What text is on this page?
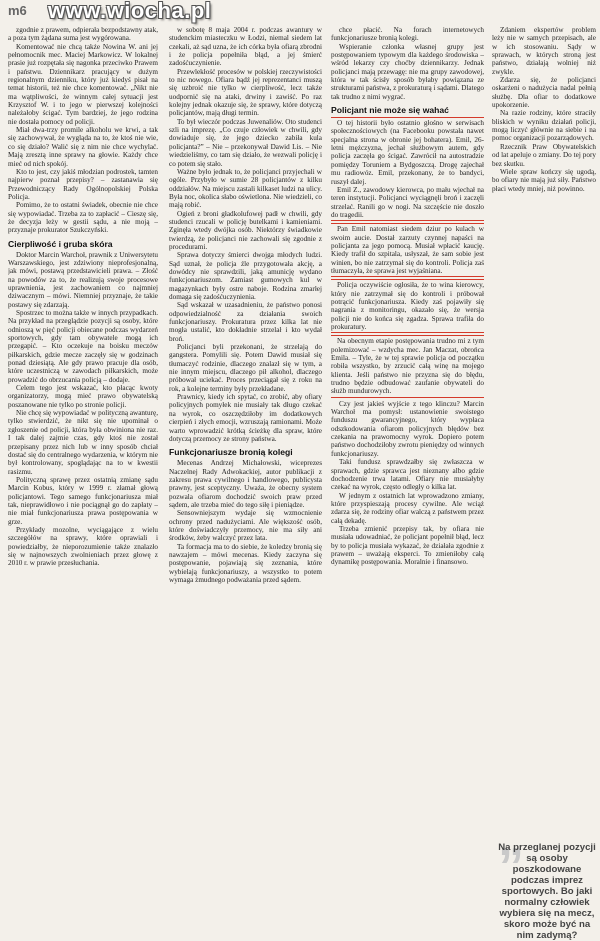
m6 www.wiocha.pl

zgodnie z prawem, odpierała bezpodstawny atak, a poza tym żądana suma jest wygórowana.

Komentować nie chcą także Nowina W. ani jej pełnomocnik mec. Maciej Markowicz. W lokalnej prasie już rozpętała się nagonka przeciwko Prawem i państwu. Dziennikarz pracujący w dużym regionalnym dzienniku, który już kiedyś pisał na temat historii, też nie chce komentować. „Nikt nie ma wątpliwości, że winnym całej sytuacji jest Krzysztof W. i to jego w pierwszej kolejności należałoby ścigać. Tym bardziej, że jego rodzina nie dostała pomocy od policji.

Miał dwa-trzy promile alkoholu we krwi, a tak się zachowywał, że wygląda na to, że ktoś nie wie, co się działo? Walić się z nim nie chce wychylać. Mają zresztą inne sprawy na głowie. Każdy chce mieć od nich spokój.

Kto to jest, czy jakiś młodzian podrostek, tamten najpierw poznał przepisy? – zastanawia się Przewodniczący Rady Ogólnopolskiej Polska Policja.

Pomimo, że to ostatni świadek, obecnie nie chce się wypowiadać. Trzeba za to zapłacić – Cieszę się, że decyzja leży w gestii sądu, a nie moją – przyznaje prokurator Szukczyński.

Cierpliwość i gruba skóra

Doktor Marcin Warchoł, prawnik z Uniwersytetu Warszawskiego, jest zdziwiony nieprofesjonalną, jak mówi, postawą przedstawicieli prawa. – Złość na powodów za to, że realizują swoje procesowe uprawnienia, jest zachowaniem co najmniej dziwacznym – mówi. Niemniej przyznaje, że takie postawy się zdarzają.

Spostrzec to można także w innych przypadkach. Na przykład na przeglądzie pozycji są osoby, które odnioszą w pięć policji obiecane podczas wydarzeń sportowych, gdy tam obywatele mogą ich przegapić. – Kto oczekuje na boisku meczów piłkarskich, gdzie mecze zaczęły się w godzinach ponad dziesiątą. Ale gdy prawo pracuje dla osób, które uczestniczą w zawodach piłkarskich, może prowadzić do obrzucania policją – dodaje.

Celem tego jest wskazać, kto płacąc kwoty organizatorzy, mogą mieć prawo obywatelską poszanowane nie tylko po stronie policji.

Nie chcę się wypowiadać w polityczną awanturę, tylko stwierdzić, że nikt się nie upominał o zgłoszenie od policji, która była obwiniona nie raz. I tak dalej zajmie czas, gdy ktoś nie został przepisany przez nich lub w inny sposób chciał dostać się do centralnego wydarzenia, w którym nie był kontrolowany, spoglądając na to w kwestii rasizmu.

Polityczną sprawę przez ostatnią zmianę sądu Marcin Kobus, który w 1999 r. złamał głową policjantowi. Tego samego funkcjonariusza miał tak, nieprawidłowo i nie pociągnął go do zapłaty – nie miał funkcjonariusza prawa postępowania w grze.

Przykłady mozolne, wyciągające z wielu szczegółów na sprawy, które oprawiali i powiedziałby, że nieporozumienie także znalazło się w najnowszych zwolnieniach przez głowę z 2010 r. w prawie przesłuchania.

w sobotę 8 maja 2004 r. podczas awantury w studenckim miasteczku w Łodzi, niemal siedem lat czekali, aż sąd uzna, że ich córka była ofiarą zbrodni i że policja popełniła błąd, a jej śmierć zadośćuczynienie.

Przewlekłość procesów w polskiej rzeczywistości to nic nowego. Ofiara bądź jej reprezentanci muszą się uzbroić nie tylko w cierpliwość, lecz także uodpornić się na ataki, drwiny i zawiść. Po raz kolejny jednak okazuje się, że sprawy, które dotyczą policjantów, mają długi termin.

To był wieczór podczas Juwenaliów. Oto studenci szli na imprezę. „Co czuje człowiek w chwili, gdy dowiaduje się, że jego dziecko zabiła kula policjanta?” – Nie – przekonywał Dawid Lis. – Nie wiedzieliśmy, co tam się działo, że wezwali policję i co potem się stało.

Ważne było jednak to, że policjanci przyjechali w ogóle. Przybyło w sumie 28 policjantów z kilku oddziałów. Na miejscu zastali kilkaset ludzi na ulicy. Była noc, okolica słabo oświetlona. Nie wiedzieli, co mają robić.

Ogień z broni gładkolufowej padł w chwili, gdy studenci rzucali w policję butelkami i kamieniami. Zginęła wtedy dwójka osób. Niektórzy świadkowie twierdzą, że policjanci nie zachowali się zgodnie z procedurami.

Sprawa dotyczy śmierci dwojga młodych ludzi. Sąd uznał, że policja źle przygotowała akcję, a dowódcy nie sprawdzili, jaką amunicję wydano funkcjonariuszom. Zamiast gumowych kul w magazynkach były ostre naboje. Rodzina zmarłej domaga się zadośćuczynienia.

Sąd wskazał w uzasadnieniu, że państwo ponosi odpowiedzialność za działania swoich funkcjonariuszy. Prokuratura przez kilka lat nie mogła ustalić, kto dokładnie strzelał i kto wydał broń.

Policjanci byli przekonani, że strzelają do gangstera. Pomylili się. Potem Dawid musiał się tłumaczyć rodzinie, dlaczego znalazł się w tym, a nie innym miejscu, dlaczego pił alkohol, dlaczego próbował uciekać. Proces przeciągał się z roku na rok, a kolejne terminy były przekładane.

Prawnicy, kiedy ich spytać, co zrobić, aby ofiary policyjnych pomyłek nie musiały tak długo czekać na wyrok, co oszczędziłoby im dodatkowych cierpień i złych emocji, wzruszają ramionami. Może warto wprowadzić krótką ścieżkę dla spraw, które dotyczą przemocy ze strony państwa.

Funkcjonariusze bronią kolegi

Mecenas Andrzej Michałowski, wiceprezes Naczelnej Rady Adwokackiej, autor publikacji z zakresu prawa cywilnego i handlowego, publicysta prawny, jest sceptyczny. Uważa, że obecny system pozwala ofiarom dochodzić swoich praw przed sądem, ale trzeba mieć do tego siłę i pieniądze.

Sensowniejszym wydaje się wzmocnienie ochrony przed nadużyciami. Ale większość osób, które doświadczyły przemocy, nie ma siły ani środków, żeby walczyć przez lata.

Ta formacja ma to do siebie, że koledzy bronią się nawzajem – mówi mecenas. Kiedy zaczyna się postępowanie, pojawiają się zeznania, które wybielają funkcjonariuszy, a wszystko to potem wymaga żmudnego podważania przed sądem.

chce płacić. Na forach internetowych funkcjonariusze bronią kolegi.

Wspieranie członka własnej grupy jest postępowaniem typowym dla każdego środowiska – wśród lekarzy czy choćby dziennikarzy. Jednak policjanci mają przewagę: nie ma grupy zawodowej, która w tak ścisły sposób byłaby powiązana ze strukturami państwa, z prokuraturą i sądami. Dlatego tak trudno z nimi wygrać.

Policjant nie może się wahać

O tej historii było ostatnio głośno w serwisach społecznościowych (na Facebooku powstała nawet specjalna strona w obronie jej bohatera). Emil, 26-letni mężczyzna, jechał służbowym autem, gdy policja zaczęła go ścigać. Zawrócił na autostradzie pomiędzy Toruniem a Bydgoszczą. Drogę zajechał mu radiowóz. Emil, przekonany, że to bandyci, ruszył dalej.

Emil Z., zawodowy kierowca, po mału wjechał na teren instytucji. Policjanci wyciągnęli broń i zaczęli strzelać. Ranili go w nogi. Na szczęście nie doszło do tragedii.

Pan Emil natomiast siedem dziur po kulach w swoim aucie. Dostał zarzuty czynnej napaści na policjanta za jego pomocą. Musiał wpłacić kaucję. Kiedy trafił do szpitala, usłyszał, że sam sobie jest winien, bo nie zatrzymał się do kontroli. Policja zaś tłumaczyła, że sprawa jest wyjaśniana.

Policja oczywiście ogłosiła, że to wina kierowcy, który nie zatrzymał się do kontroli i próbował potrącić funkcjonariusza. Kiedy zaś pojawiły się nagrania z monitoringu, okazało się, że wersja policji nie do końca się zgadza. Sprawa trafiła do prokuratury.

Na obecnym etapie postępowania trudno mi z tym polemizować – wzdycha mec. Jan Maczat, obrońca Emila. – Tyle, że w tej sprawie policja od początku robiła wszystko, by zrzucić całą winę na mojego klienta. Jeśli państwo nie przyzna się do błędu, trudno będzie odbudować zaufanie obywateli do służb mundurowych.

Czy jest jakieś wyjście z tego klinczu? Marcin Warchoł ma pomysł: ustanowienie swoistego funduszu gwarancyjnego, który wypłaca odszkodowania ofiarom policyjnych błędów bez czekania na prawomocny wyrok. Dopiero potem państwo dochodziłoby zwrotu pieniędzy od winnych funkcjonariuszy.

Taki fundusz sprawdzałby się zwłaszcza w sprawach, gdzie sprawca jest nieznany albo gdzie dochodzenie trwa latami. Ofiary nie musiałyby czekać na wyrok, często odległy o kilka lat.

W jednym z ostatnich lat wprowadzono zmiany, które przyspieszają procesy cywilne. Ale wciąż zdarza się, że rodziny ofiar walczą z państwem przez całą dekadę.

Trzeba zmienić przepisy tak, by ofiara nie musiała udowadniać, że policjant popełnił błąd, lecz by to policja musiała wykazać, że działała zgodnie z prawem – uważają eksperci. To zmieniłoby całą dynamikę postępowania. Moralnie i finansowo.

Zdaniem ekspertów problem leży nie w samych przepisach, ale w ich stosowaniu. Sądy w sprawach, w których stroną jest państwo, działają wolniej niż zwykle.

Zdarza się, że policjanci oskarżeni o nadużycia nadal pełnią służbę. Dla ofiar to dodatkowe upokorzenie.

Na razie rodziny, które straciły bliskich w wyniku działań policji, mogą liczyć głównie na siebie i na pomoc organizacji pozarządowych.

Rzecznik Praw Obywatelskich od lat apeluje o zmiany. Do tej pory bez skutku.

Wiele spraw kończy się ugodą, bo ofiary nie mają już siły. Państwo płaci wtedy mniej, niż powinno.

„
Na przeglanej pozycji są osoby poszkodowane podczas imprez sportowych. Bo jaki normalny człowiek wybiera się na mecz, skoro może być na nim zadymą?
